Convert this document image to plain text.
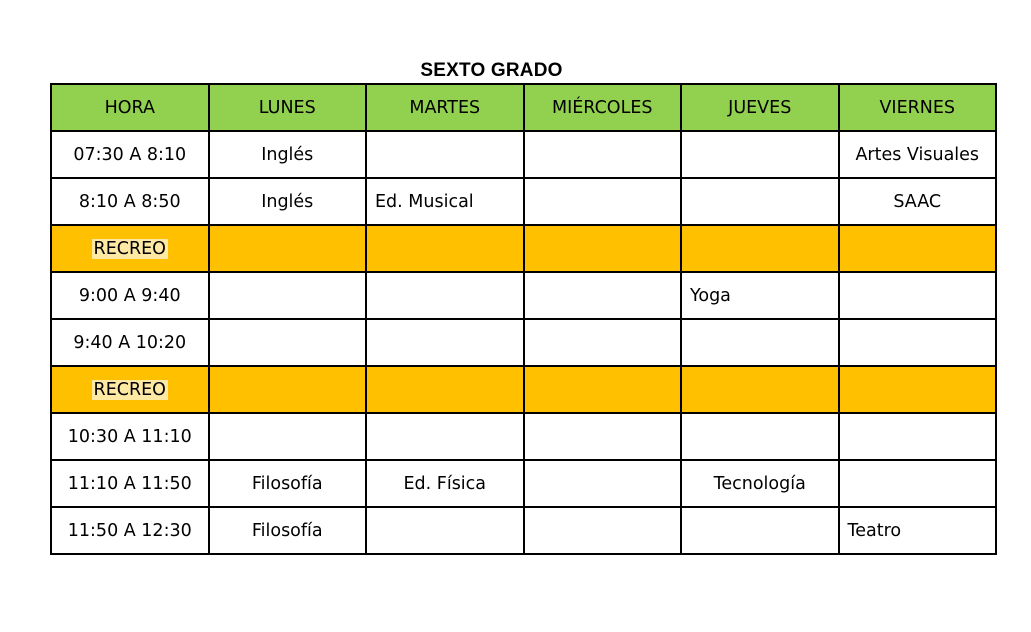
SEXTO GRADO
HORA	LUNES	MARTES	MIÉRCOLES	JUEVES	VIERNES
07:30 A 8:10	Inglés				Artes Visuales
8:10 A 8:50	Inglés	Ed. Musical			SAAC
RECREO					
9:00 A 9:40				Yoga	
9:40 A 10:20					
RECREO					
10:30 A 11:10					
11:10 A 11:50	Filosofía	Ed. Física		Tecnología	
11:50 A 12:30	Filosofía				Teatro
